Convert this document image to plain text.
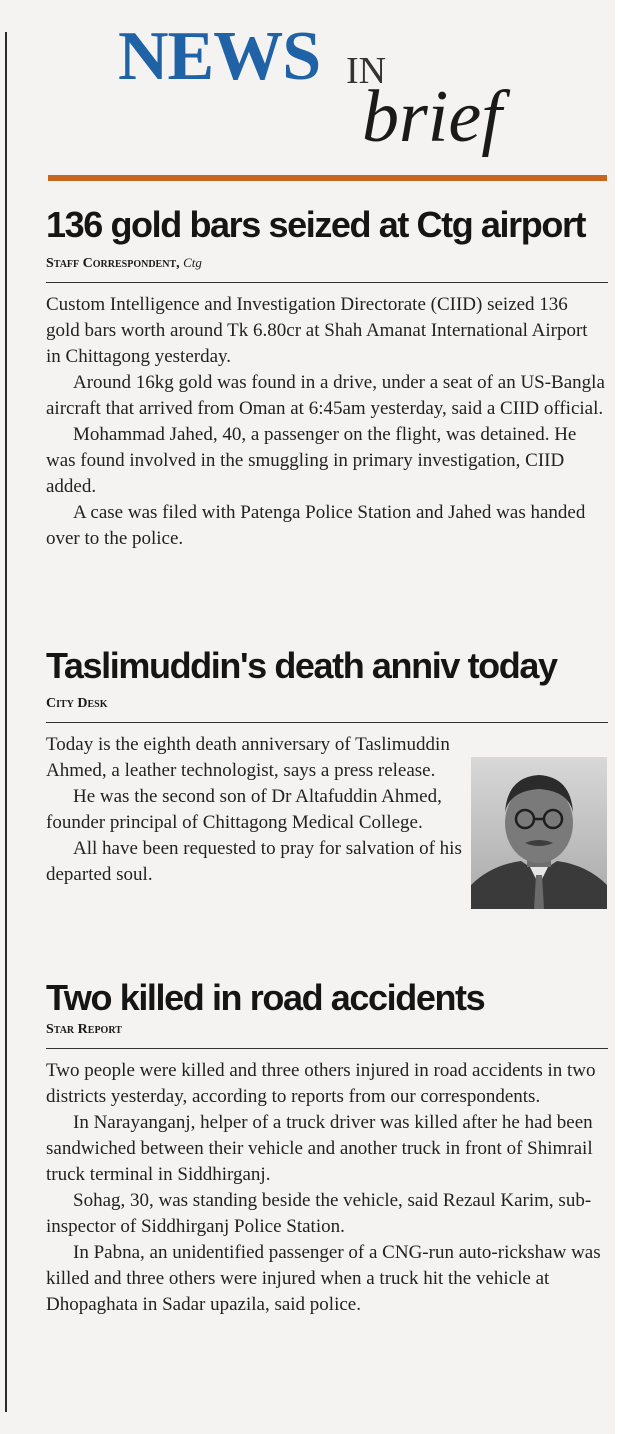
NEWS IN
brief
136 gold bars seized at Ctg airport
Staff Correspondent, Ctg

Custom Intelligence and Investigation Directorate (CIID) seized 136 gold bars worth around Tk 6.80cr at Shah Amanat International Airport in Chittagong yesterday.

Around 16kg gold was found in a drive, under a seat of an US-Bangla aircraft that arrived from Oman at 6:45am yesterday, said a CIID official.

Mohammad Jahed, 40, a passenger on the flight, was detained. He was found involved in the smuggling in primary investigation, CIID added.

A case was filed with Patenga Police Station and Jahed was handed over to the police.

Taslimuddin's death anniv today
City Desk

Today is the eighth death anniversary of Taslimuddin Ahmed, a leather technologist, says a press release.

He was the second son of Dr Altafuddin Ahmed, founder principal of Chittagong Medical College.

All have been requested to pray for salvation of his departed soul.

Two killed in road accidents
Star Report

Two people were killed and three others injured in road accidents in two districts yesterday, according to reports from our correspondents.

In Narayanganj, helper of a truck driver was killed after he had been sandwiched between their vehicle and another truck in front of Shimrail truck terminal in Siddhirganj.

Sohag, 30, was standing beside the vehicle, said Rezaul Karim, sub-inspector of Siddhirganj Police Station.

In Pabna, an unidentified passenger of a CNG-run auto-rickshaw was killed and three others were injured when a truck hit the vehicle at Dhopaghata in Sadar upazila, said police.
